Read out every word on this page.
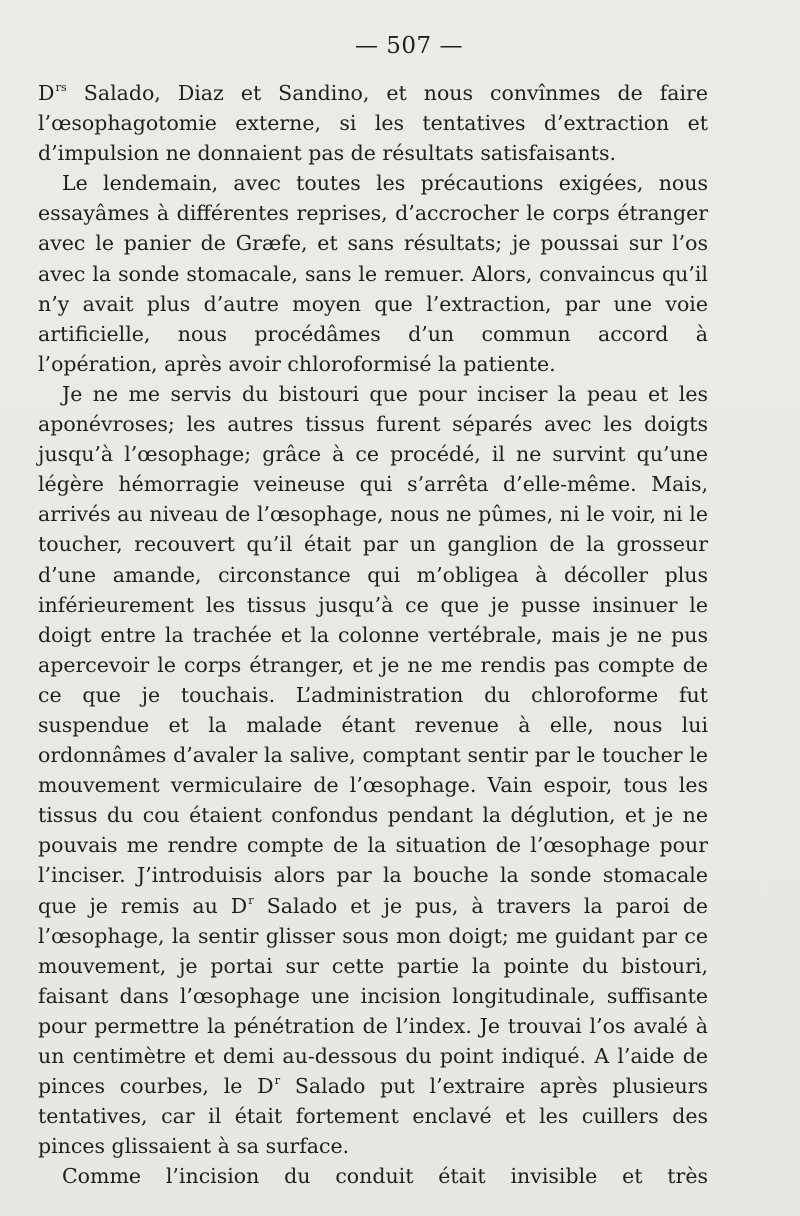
— 507 —

$D^{rs}$ Salado, Diaz et Sandino, et nous convînmes de faire l’œsophagotomie externe, si les tentatives d’extraction et d’impulsion ne donnaient pas de résultats satisfaisants.

Le lendemain, avec toutes les précautions exigées, nous essayâmes à différentes reprises, d’accrocher le corps étranger avec le panier de Græfe, et sans résultats; je poussai sur l’os avec la sonde stomacale, sans le remuer. Alors, convaincus qu’il n’y avait plus d’autre moyen que l’extraction, par une voie artificielle, nous procédâmes d’un commun accord à l’opération, après avoir chloroformisé la patiente.

Je ne me servis du bistouri que pour inciser la peau et les aponévroses; les autres tissus furent séparés avec les doigts jusqu’à l’œsophage; grâce à ce procédé, il ne survint qu’une légère hémorragie veineuse qui s’arrêta d’elle-même. Mais, arrivés au niveau de l’œsophage, nous ne pûmes, ni le voir, ni le toucher, recouvert qu’il était par un ganglion de la grosseur d’une amande, circonstance qui m’obligea à décoller plus inférieurement les tissus jusqu’à ce que je pusse insinuer le doigt entre la trachée et la colonne vertébrale, mais je ne pus apercevoir le corps étranger, et je ne me rendis pas compte de ce que je touchais. L’administration du chloroforme fut suspendue et la malade étant revenue à elle, nous lui ordonnâmes d’avaler la salive, comptant sentir par le toucher le mouvement vermiculaire de l’œsophage. Vain espoir, tous les tissus du cou étaient confondus pendant la déglution, et je ne pouvais me rendre compte de la situation de l’œsophage pour l’inciser. J’introduisis alors par la bouche la sonde stomacale que je remis au $D^r$ Salado et je pus, à travers la paroi de l’œsophage, la sentir glisser sous mon doigt; me guidant par ce mouvement, je portai sur cette partie la pointe du bistouri, faisant dans l’œsophage une incision longitudinale, suffisante pour permettre la pénétration de l’index. Je trouvai l’os avalé à un centimètre et demi au-dessous du point indiqué. A l’aide de pinces courbes, le $D^r$ Salado put l’extraire après plusieurs tentatives, car il était fortement enclavé et les cuillers des pinces glissaient à sa surface.

Comme l’incision du conduit était invisible et très
